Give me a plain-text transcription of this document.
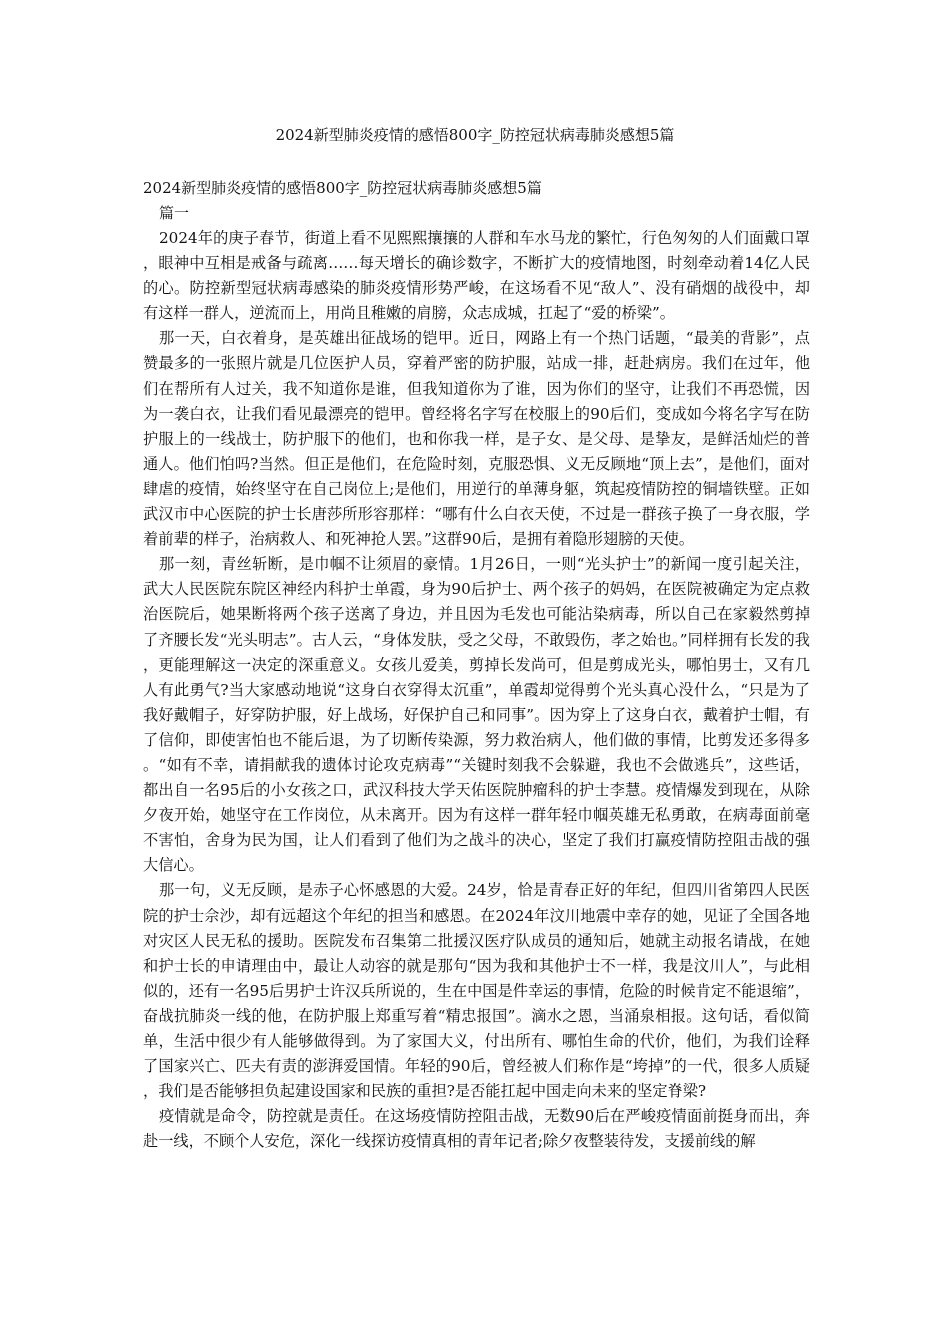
2024新型肺炎疫情的感悟800字_防控冠状病毒肺炎感想5篇

2024新型肺炎疫情的感悟800字_防控冠状病毒肺炎感想5篇

篇一

2024年的庚子春节，街道上看不见熙熙攘攘的人群和车水马龙的繁忙，行色匆匆的人们面戴口罩，眼神中互相是戒备与疏离……每天增长的确诊数字，不断扩大的疫情地图，时刻牵动着14亿人民的心。防控新型冠状病毒感染的肺炎疫情形势严峻，在这场看不见“敌人”、没有硝烟的战役中，却有这样一群人，逆流而上，用尚且稚嫩的肩膀，众志成城，扛起了“爱的桥梁”。

那一天，白衣着身，是英雄出征战场的铠甲。近日，网路上有一个热门话题，“最美的背影”，点赞最多的一张照片就是几位医护人员，穿着严密的防护服，站成一排，赶赴病房。我们在过年，他们在帮所有人过关，我不知道你是谁，但我知道你为了谁，因为你们的坚守，让我们不再恐慌，因为一袭白衣，让我们看见最漂亮的铠甲。曾经将名字写在校服上的90后们，变成如今将名字写在防护服上的一线战士，防护服下的他们，也和你我一样，是子女、是父母、是挚友，是鲜活灿烂的普通人。他们怕吗?当然。但正是他们，在危险时刻，克服恐惧、义无反顾地“顶上去”，是他们，面对肆虐的疫情，始终坚守在自己岗位上;是他们，用逆行的单薄身躯，筑起疫情防控的铜墙铁壁。正如武汉市中心医院的护士长唐莎所形容那样：“哪有什么白衣天使，不过是一群孩子换了一身衣服，学着前辈的样子，治病救人、和死神抢人罢。”这群90后，是拥有着隐形翅膀的天使。

那一刻，青丝斩断，是巾帼不让须眉的豪情。1月26日，一则“光头护士”的新闻一度引起关注，武大人民医院东院区神经内科护士单霞，身为90后护士、两个孩子的妈妈，在医院被确定为定点救治医院后，她果断将两个孩子送离了身边，并且因为毛发也可能沾染病毒，所以自己在家毅然剪掉了齐腰长发“光头明志”。古人云，“身体发肤，受之父母，不敢毁伤，孝之始也。”同样拥有长发的我，更能理解这一决定的深重意义。女孩儿爱美，剪掉长发尚可，但是剪成光头，哪怕男士，又有几人有此勇气?当大家感动地说“这身白衣穿得太沉重”，单霞却觉得剪个光头真心没什么，“只是为了我好戴帽子，好穿防护服，好上战场，好保护自己和同事”。因为穿上了这身白衣，戴着护士帽，有了信仰，即使害怕也不能后退，为了切断传染源，努力救治病人，他们做的事情，比剪发还多得多。“如有不幸，请捐献我的遗体讨论攻克病毒”“关键时刻我不会躲避，我也不会做逃兵”，这些话，都出自一名95后的小女孩之口，武汉科技大学天佑医院肿瘤科的护士李慧。疫情爆发到现在，从除夕夜开始，她坚守在工作岗位，从未离开。因为有这样一群年轻巾帼英雄无私勇敢，在病毒面前毫不害怕，舍身为民为国，让人们看到了他们为之战斗的决心，坚定了我们打赢疫情防控阻击战的强大信心。

那一句，义无反顾，是赤子心怀感恩的大爱。24岁，恰是青春正好的年纪，但四川省第四人民医院的护士佘沙，却有远超这个年纪的担当和感恩。在2024年汶川地震中幸存的她，见证了全国各地对灾区人民无私的援助。医院发布召集第二批援汉医疗队成员的通知后，她就主动报名请战，在她和护士长的申请理由中，最让人动容的就是那句“因为我和其他护士不一样，我是汶川人”，与此相似的，还有一名95后男护士许汉兵所说的，生在中国是件幸运的事情，危险的时候肯定不能退缩”，奋战抗肺炎一线的他，在防护服上郑重写着“精忠报国”。滴水之恩，当涌泉相报。这句话，看似简单，生活中很少有人能够做得到。为了家国大义，付出所有、哪怕生命的代价，他们，为我们诠释了国家兴亡、匹夫有责的澎湃爱国情。年轻的90后，曾经被人们称作是“垮掉”的一代，很多人质疑，我们是否能够担负起建设国家和民族的重担?是否能扛起中国走向未来的坚定脊梁?

疫情就是命令，防控就是责任。在这场疫情防控阻击战，无数90后在严峻疫情面前挺身而出，奔赴一线，不顾个人安危，深化一线探访疫情真相的青年记者;除夕夜整装待发，支援前线的解
